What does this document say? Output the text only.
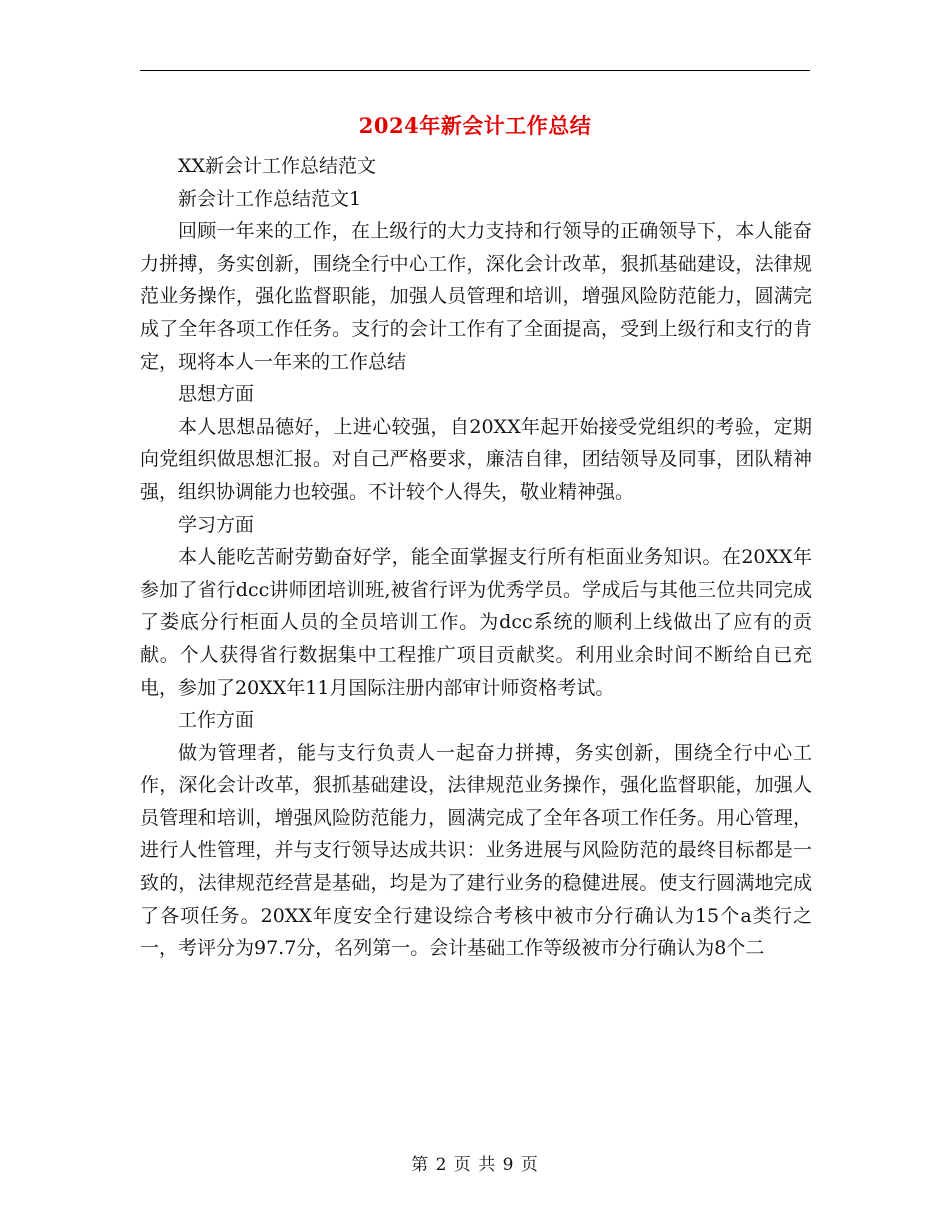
2024年新会计工作总结

XX新会计工作总结范文

新会计工作总结范文1

回顾一年来的工作，在上级行的大力支持和行领导的正确领导下，本人能奋力拼搏，务实创新，围绕全行中心工作，深化会计改革，狠抓基础建设，法律规范业务操作，强化监督职能，加强人员管理和培训，增强风险防范能力，圆满完成了全年各项工作任务。支行的会计工作有了全面提高，受到上级行和支行的肯定，现将本人一年来的工作总结

思想方面

本人思想品德好，上进心较强，自20XX年起开始接受党组织的考验，定期向党组织做思想汇报。对自己严格要求，廉洁自律，团结领导及同事，团队精神强，组织协调能力也较强。不计较个人得失，敬业精神强。

学习方面

本人能吃苦耐劳勤奋好学，能全面掌握支行所有柜面业务知识。在20XX年参加了省行dcc讲师团培训班,被省行评为优秀学员。学成后与其他三位共同完成了娄底分行柜面人员的全员培训工作。为dcc系统的顺利上线做出了应有的贡献。个人获得省行数据集中工程推广项目贡献奖。利用业余时间不断给自已充电，参加了20XX年11月国际注册内部审计师资格考试。

工作方面

做为管理者，能与支行负责人一起奋力拼搏，务实创新，围绕全行中心工作，深化会计改革，狠抓基础建设，法律规范业务操作，强化监督职能，加强人员管理和培训，增强风险防范能力，圆满完成了全年各项工作任务。用心管理，进行人性管理，并与支行领导达成共识：业务进展与风险防范的最终目标都是一致的，法律规范经营是基础，均是为了建行业务的稳健进展。使支行圆满地完成了各项任务。20XX年度安全行建设综合考核中被市分行确认为15个a类行之一，考评分为97.7分，名列第一。会计基础工作等级被市分行确认为8个二

第 2 页 共 9 页
